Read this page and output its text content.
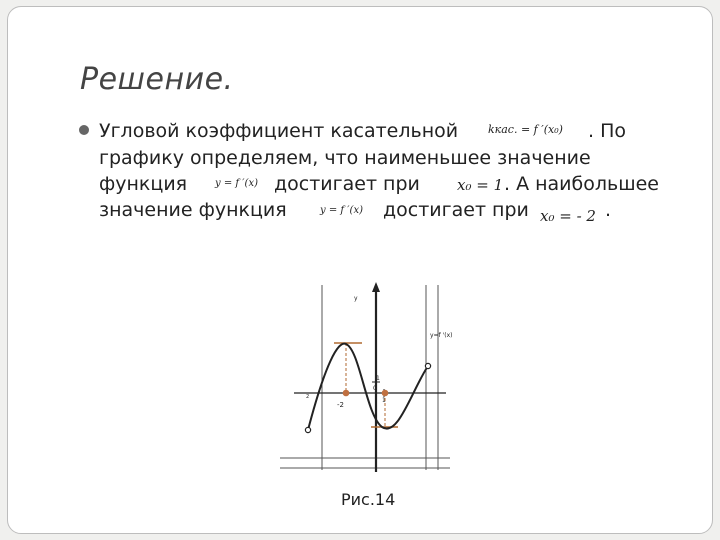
Решение.
Угловой коэффициент касательной	kкас. = f ′(x₀) . По
графику определяем, что наименьшее значение
функция	y = f ′(x) достигает при x₀ = 1 . А наибольшее
значение функция	y = f ′(x) достигает при x₀ = - 2 .
y
y=f '(x)
-2
1
0
1
2
Рис.14
